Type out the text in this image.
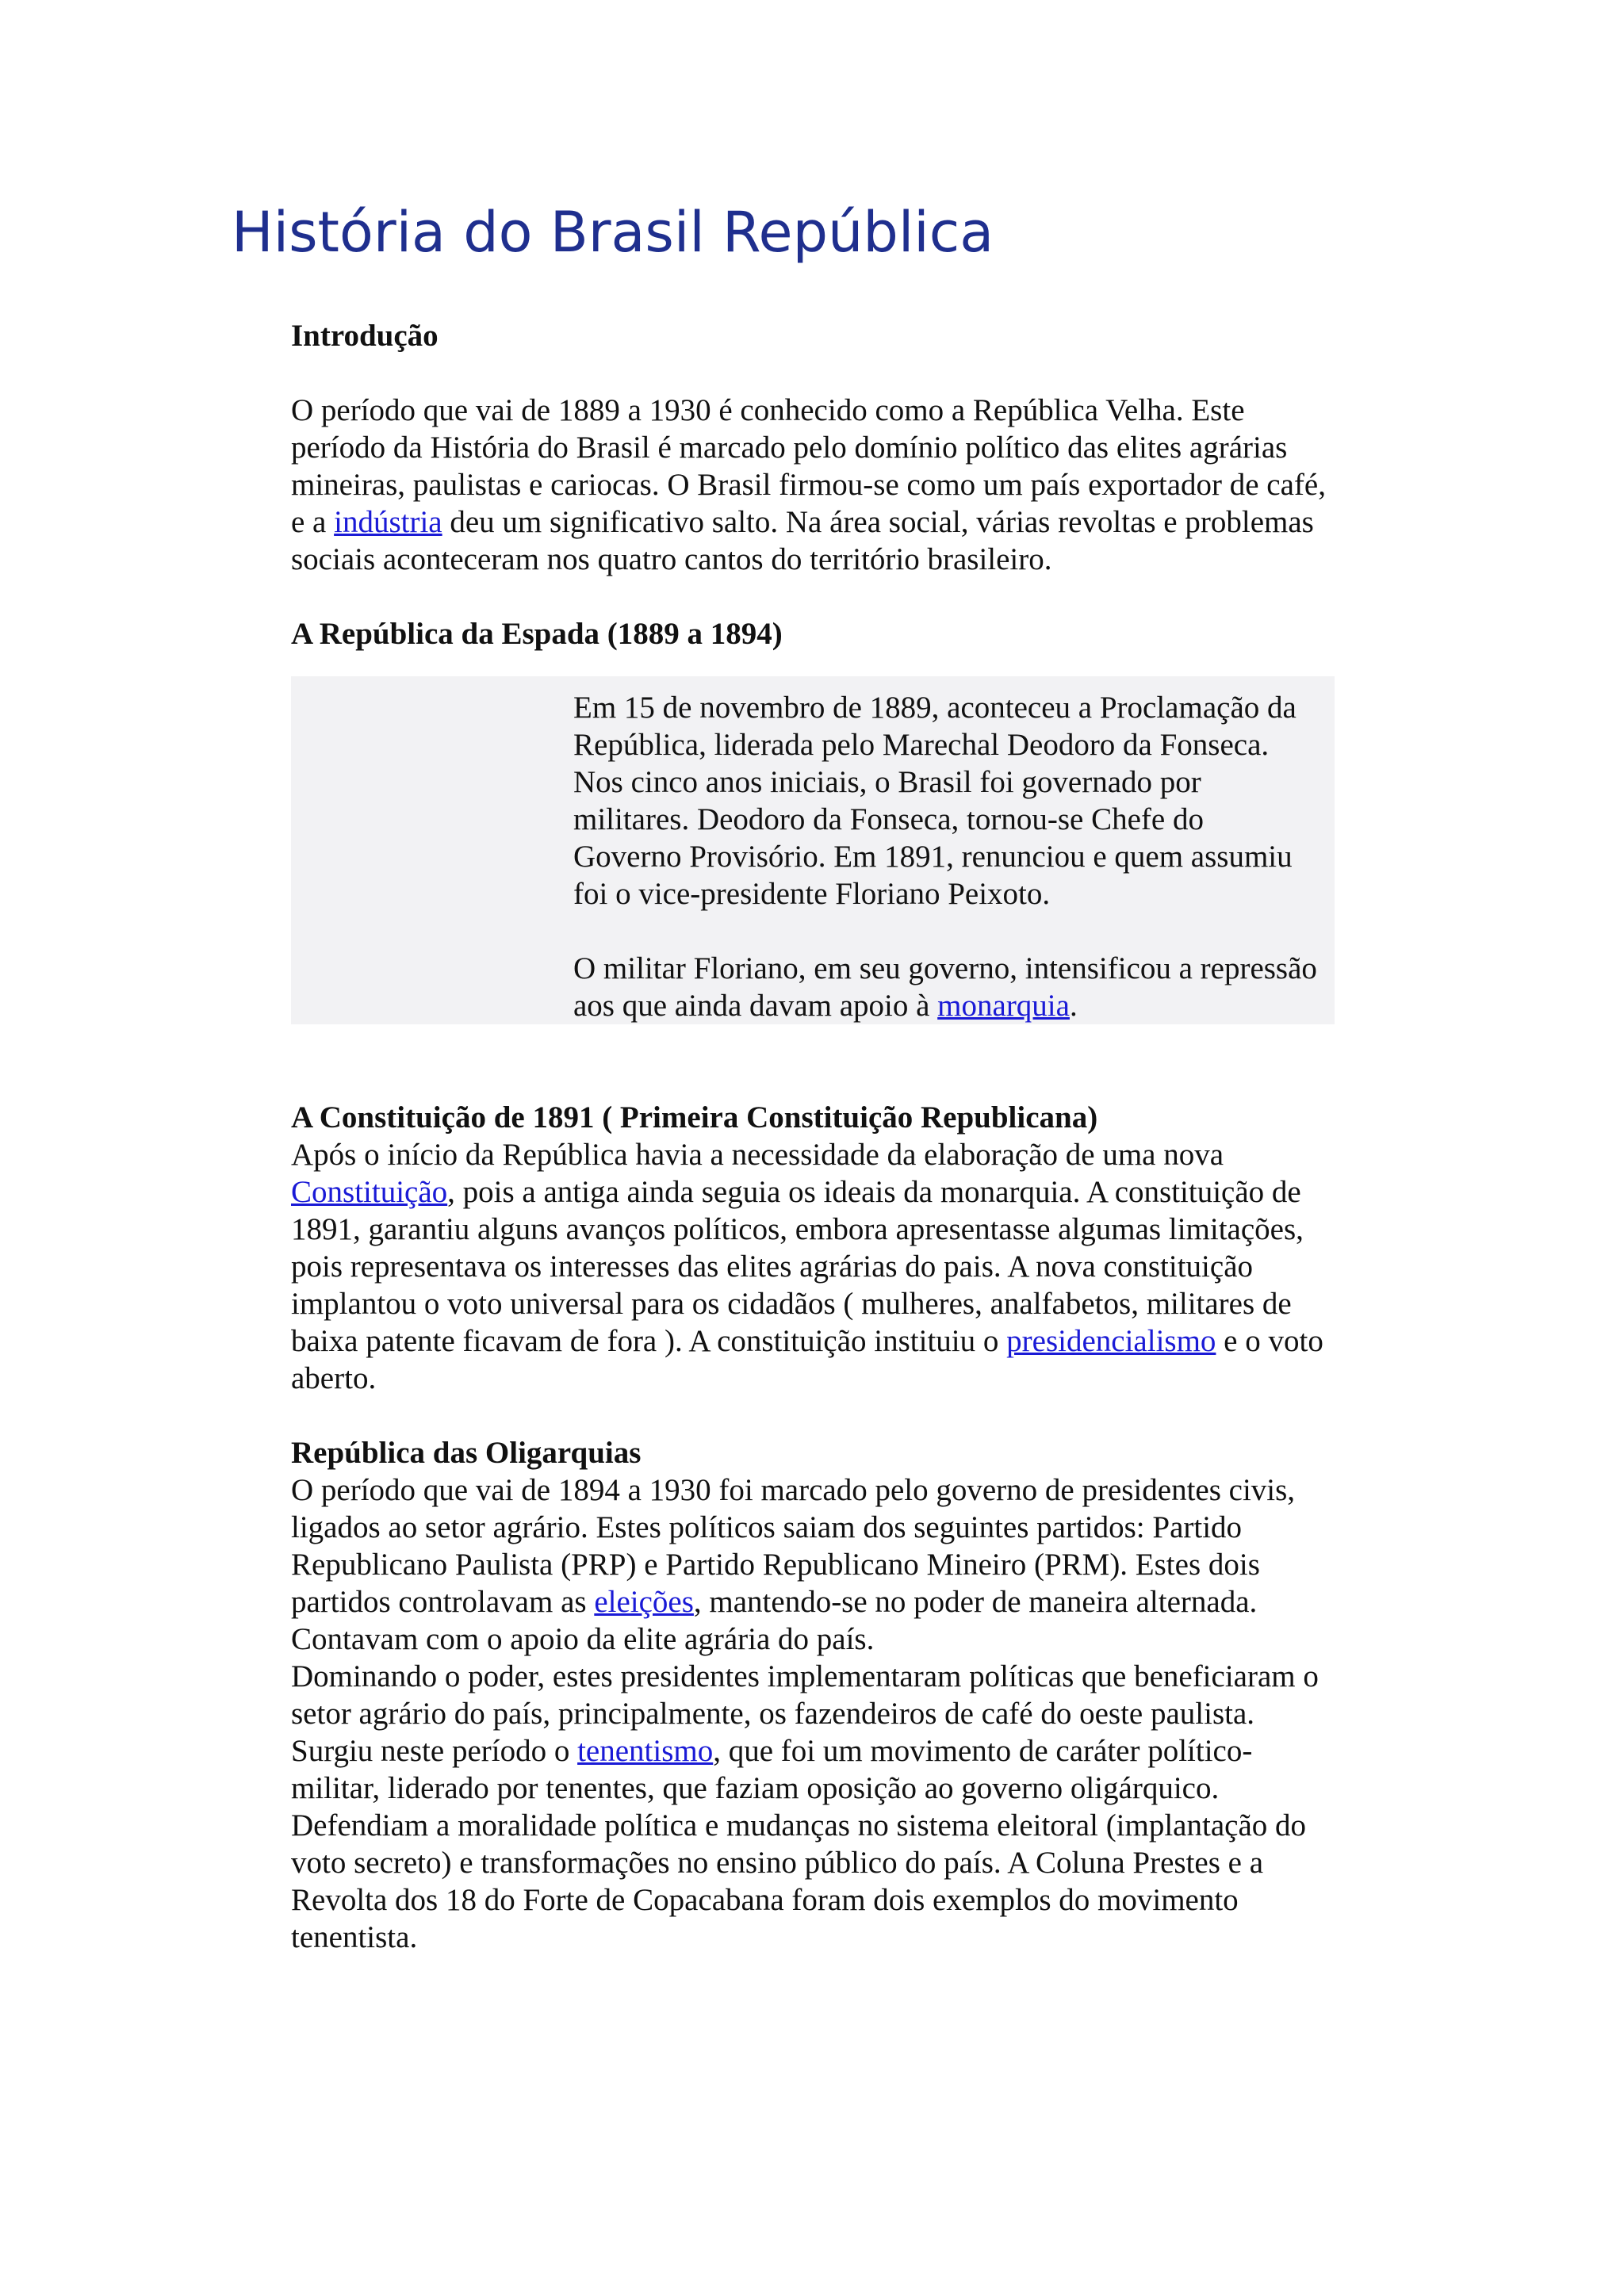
História do Brasil República

Introdução

O período que vai de 1889 a 1930 é conhecido como a República Velha. Este período da História do Brasil é marcado pelo domínio político das elites agrárias mineiras, paulistas e cariocas. O Brasil firmou-se como um país exportador de café, e a indústria deu um significativo salto. Na área social, várias revoltas e problemas sociais aconteceram nos quatro cantos do território brasileiro.

A República da Espada (1889 a 1894)

Em 15 de novembro de 1889, aconteceu a Proclamação da República, liderada pelo Marechal Deodoro da Fonseca. Nos cinco anos iniciais, o Brasil foi governado por militares. Deodoro da Fonseca, tornou-se Chefe do Governo Provisório. Em 1891, renunciou e quem assumiu foi o vice-presidente Floriano Peixoto.

O militar Floriano, em seu governo, intensificou a repressão aos que ainda davam apoio à monarquia.

A Constituição de 1891 ( Primeira Constituição Republicana)

Após o início da República havia a necessidade da elaboração de uma nova Constituição, pois a antiga ainda seguia os ideais da monarquia. A constituição de 1891, garantiu alguns avanços políticos, embora apresentasse algumas limitações, pois representava os interesses das elites agrárias do pais. A nova constituição implantou o voto universal para os cidadãos ( mulheres, analfabetos, militares de baixa patente ficavam de fora ). A constituição instituiu o presidencialismo e o voto aberto.

República das Oligarquias

O período que vai de 1894 a 1930 foi marcado pelo governo de presidentes civis, ligados ao setor agrário. Estes políticos saiam dos seguintes partidos: Partido Republicano Paulista (PRP) e Partido Republicano Mineiro (PRM). Estes dois partidos controlavam as eleições, mantendo-se no poder de maneira alternada. Contavam com o apoio da elite agrária do país.

Dominando o poder, estes presidentes implementaram políticas que beneficiaram o setor agrário do país, principalmente, os fazendeiros de café do oeste paulista.

Surgiu neste período o tenentismo, que foi um movimento de caráter político-militar, liderado por tenentes, que faziam oposição ao governo oligárquico. Defendiam a moralidade política e mudanças no sistema eleitoral (implantação do voto secreto) e transformações no ensino público do país. A Coluna Prestes e a Revolta dos 18 do Forte de Copacabana foram dois exemplos do movimento tenentista.
